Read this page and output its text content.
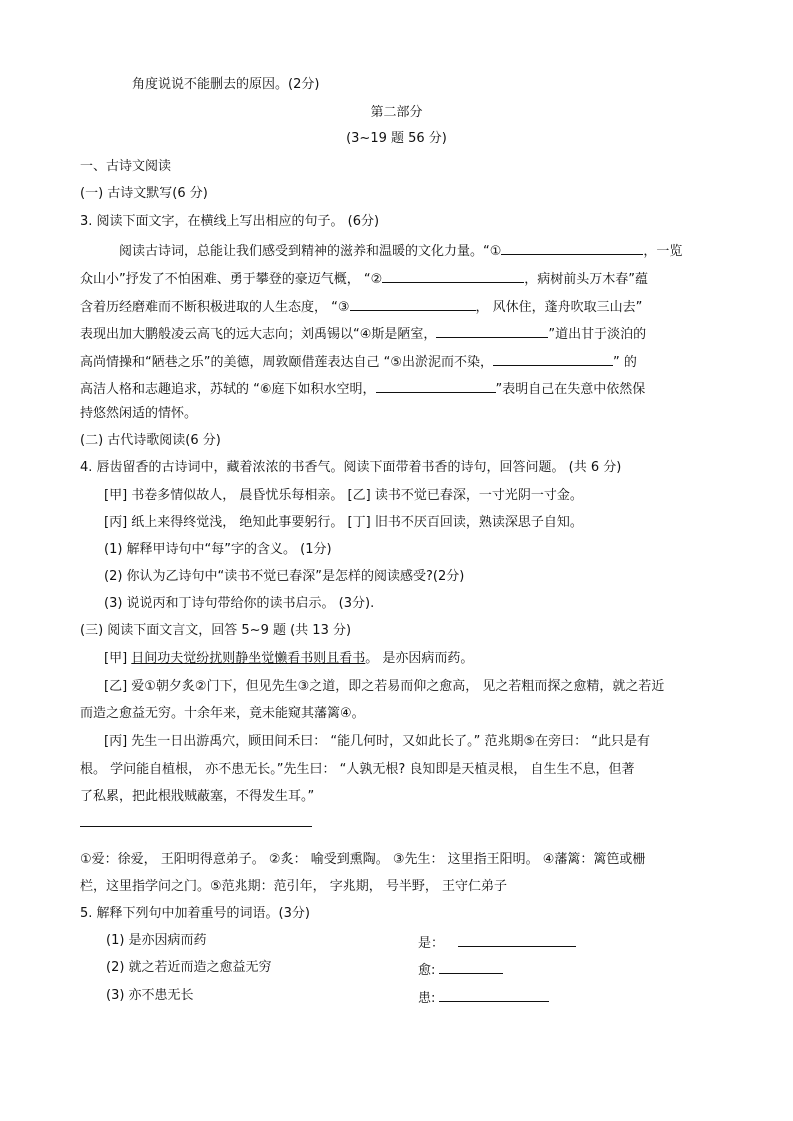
角度说说不能删去的原因。(2分)
第二部分
(3~19 题 56 分)
一、古诗文阅读
(一) 古诗文默写(6 分)
3. 阅读下面文字，在横线上写出相应的句子。 (6分)
阅读古诗词，总能让我们感受到精神的滋养和温暖的文化力量。“①	，一览
众山小”抒发了不怕困难、勇于攀登的豪迈气概， “②	，病树前头万木春”蕴
含着历经磨难而不断积极进取的人生态度， “③	， 风休住，蓬舟吹取三山去”
表现出加大鹏般凌云高飞的远大志向；刘禹锡以“④斯是陋室，	”道出甘于淡泊的
高尚情操和“陋巷之乐”的美德，周敦颐借莲表达自己 “⑤出淤泥而不染，	” 的
高洁人格和志趣追求，苏轼的 “⑥庭下如积水空明，	”表明自己在失意中依然保
持悠然闲适的情怀。
(二) 古代诗歌阅读(6 分)
4. 唇齿留香的古诗词中，藏着浓浓的书香气。阅读下面带着书香的诗句，回答问题。 (共 6 分)
[甲] 书卷多情似故人， 晨昏忧乐每相亲。 [乙] 读书不觉已春深，一寸光阴一寸金。
[丙] 纸上来得终觉浅， 绝知此事要躬行。 [丁] 旧书不厌百回读，熟读深思子自知。
(1) 解释甲诗句中“每”字的含义。 (1分)
(2) 你认为乙诗句中“读书不觉已春深”是怎样的阅读感受?(2分)
(3) 说说丙和丁诗句带给你的读书启示。 (3分).
(三) 阅读下面文言文，回答 5~9 题 (共 13 分)
[甲] 日间功夫觉纷扰则静坐觉懒看书则且看书。 是亦因病而药。
[乙] 爱①朝夕炙②门下，但见先生③之道，即之若易而仰之愈高， 见之若粗而探之愈精，就之若近
而造之愈益无穷。十余年来，竟未能窥其藩篱④。
[丙] 先生一日出游禹穴，顾田间禾曰： “能几何时，又如此长了。” 范兆期⑤在旁曰： “此只是有
根。 学问能自植根， 亦不患无长。”先生曰： “人孰无根? 良知即是天植灵根， 自生生不息，但著
了私累，把此根戕贼蔽塞，不得发生耳。”
①爱：徐爱， 王阳明得意弟子。 ②炙： 喻受到熏陶。 ③先生： 这里指王阳明。 ④藩篱：篱笆或栅
栏，这里指学问之门。⑤范兆期：范引年， 字兆期， 号半野， 王守仁弟子
5. 解释下列句中加着重号的词语。(3分)
(1) 是亦因病而药	是：
(2) 就之若近而造之愈益无穷	愈:
(3) 亦不患无长	患:
